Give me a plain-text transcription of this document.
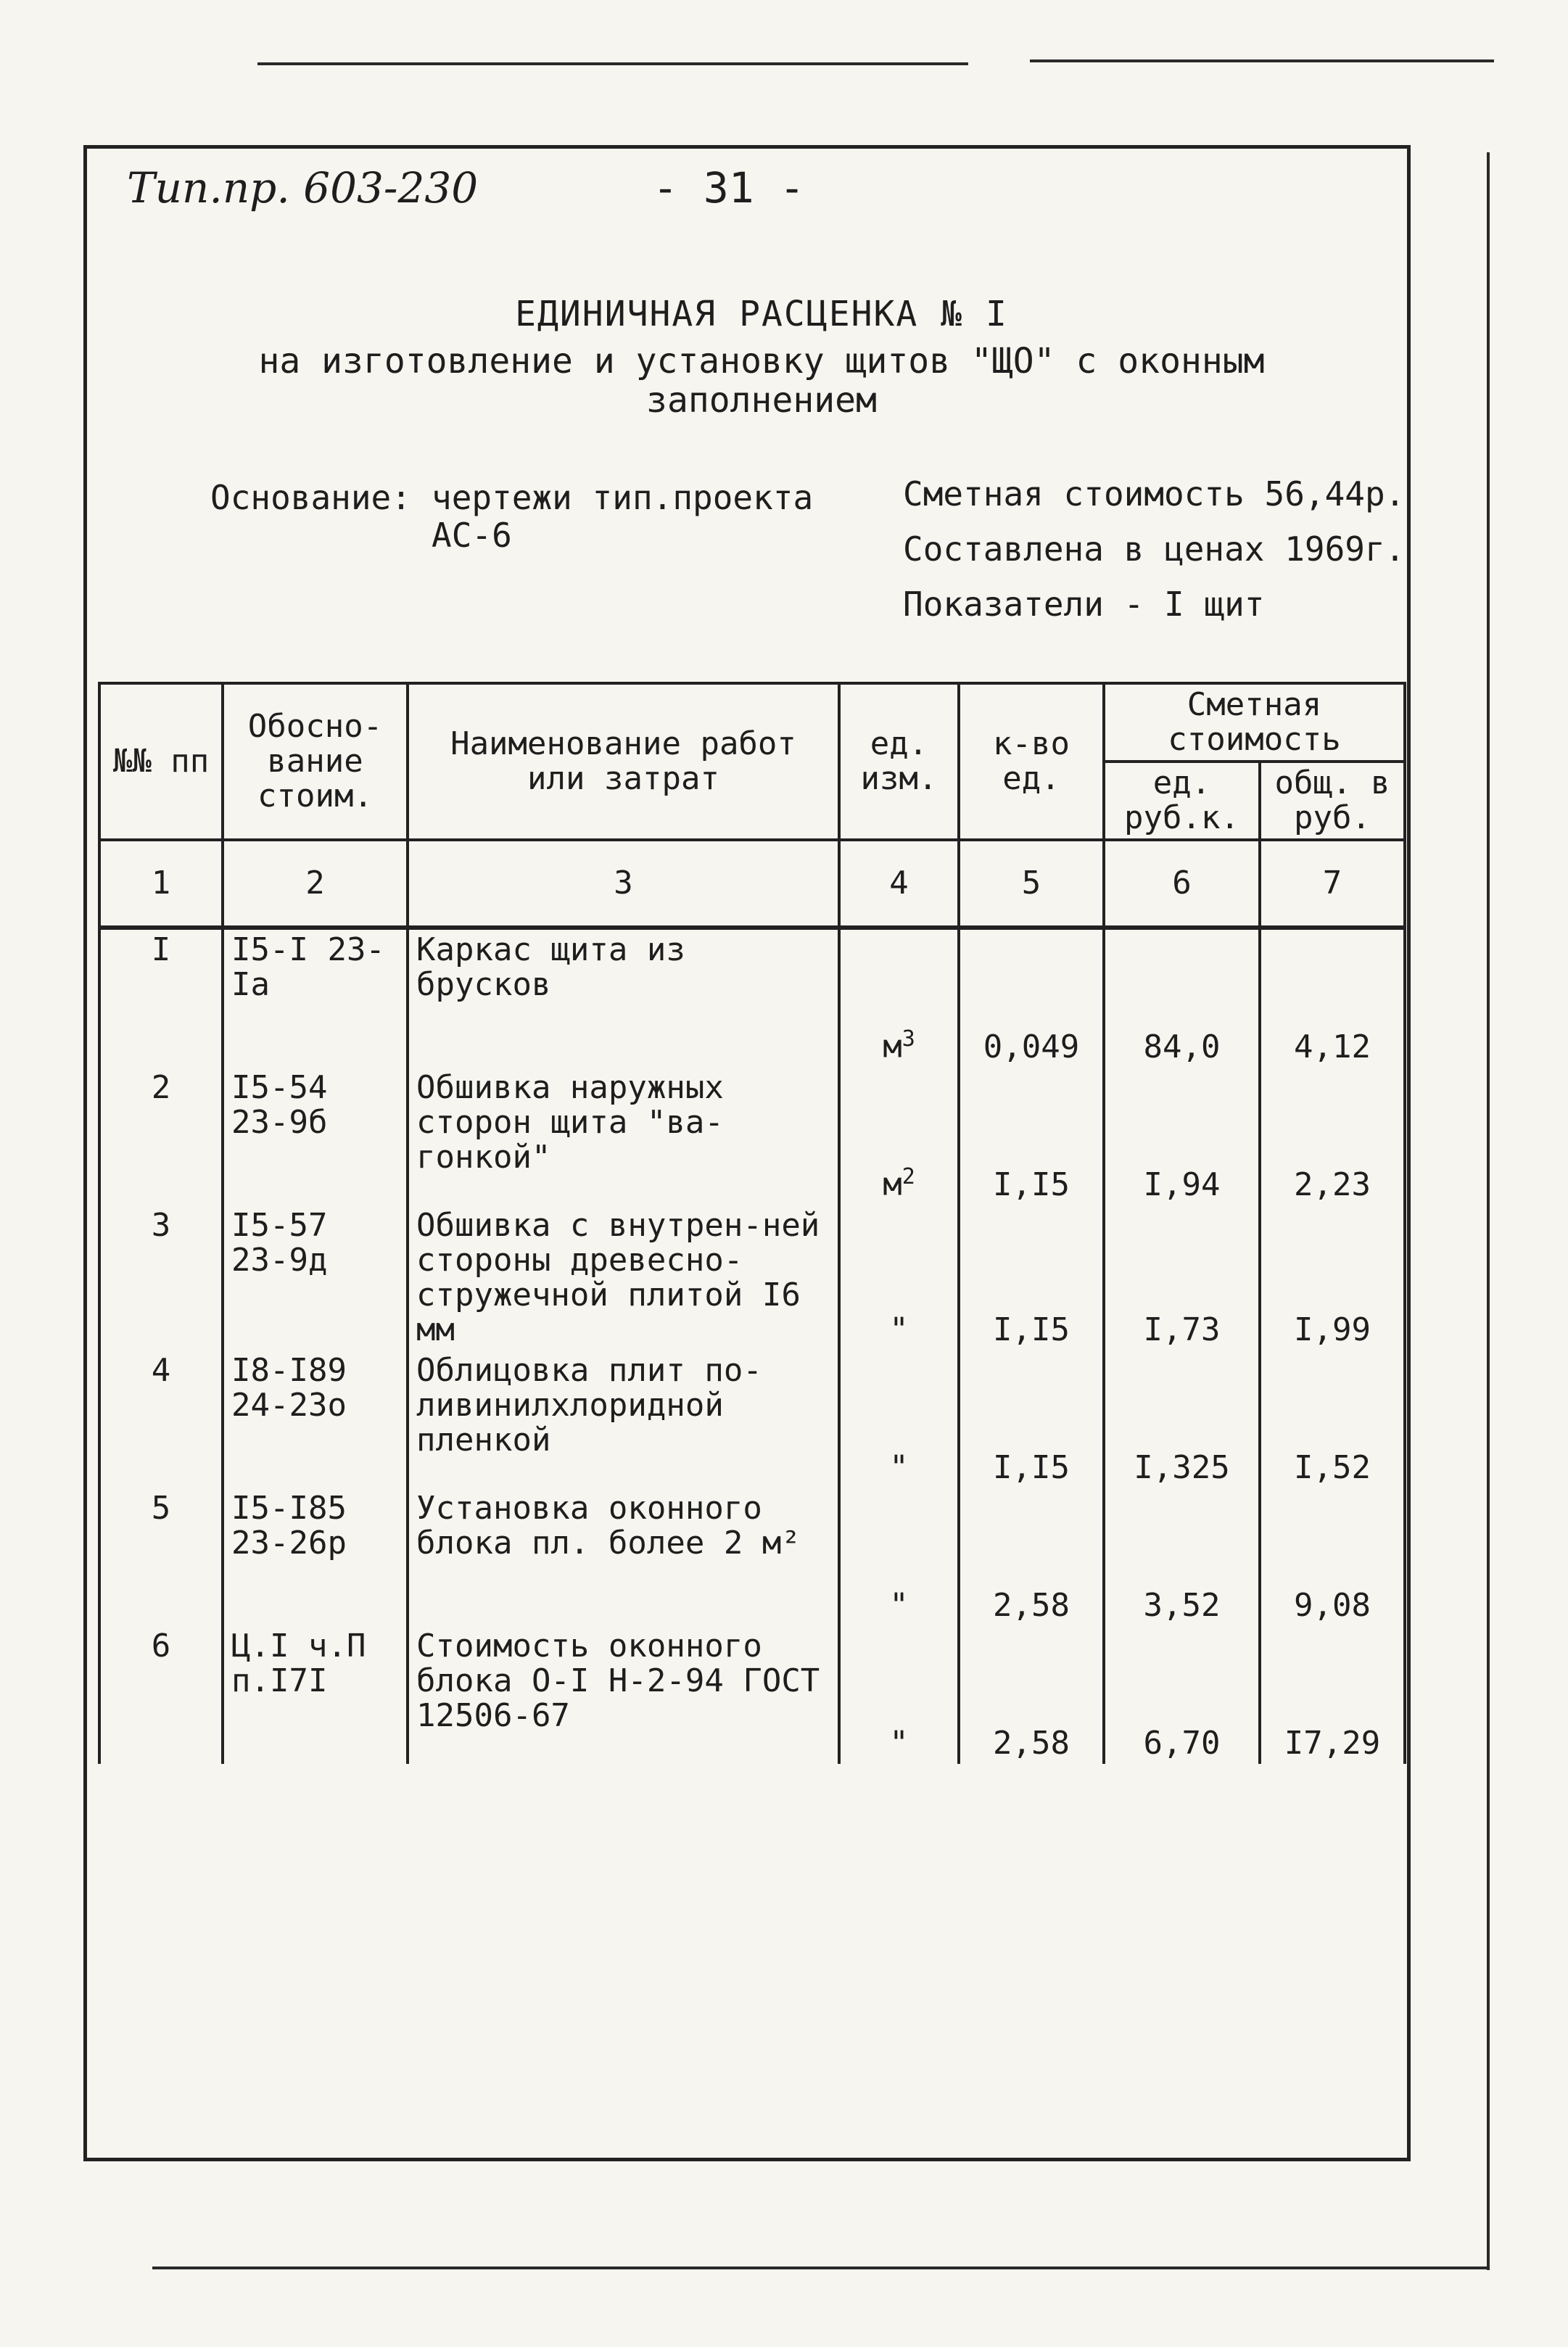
Тип.пр. 603-230	- 31 -
ЕДИНИЧНАЯ РАСЦЕНКА № I
на изготовление и установку щитов "ЩО" с оконным заполнением
Основание: чертежи тип.проекта АС-6
Сметная стоимость 56,44р.
Составлена в ценах 1969г.
Показатели - I щит
№№ пп	Обосно-вание стоим.	Наименование работ или затрат	ед. изм.	к-во ед.	Сметная стоимость	
					ед. руб.к.	общ. в руб.
1	2	3	4	5	6	7
I	I5-I 23-Iа	Каркас щита из брусков	$м^3$	0,049	84,0	4,12
2	I5-54 23-9б	Обшивка наружных сторон щита "ва-гонкой"	$м^2$	I,I5	I,94	2,23
3	I5-57 23-9д	Обшивка с внутрен-ней стороны древесно-стружечной плитой I6 мм	"	I,I5	I,73	I,99
4	I8-I89 24-23о	Облицовка плит по-ливинилхлоридной пленкой	"	I,I5	I,325	I,52
5	I5-I85 23-26р	Установка оконного блока пл. более 2 м²	"	2,58	3,52	9,08
6	Ц.I ч.П п.I7I	Стоимость оконного блока О-I Н-2-94 ГОСТ 12506-67	"	2,58	6,70	I7,29
